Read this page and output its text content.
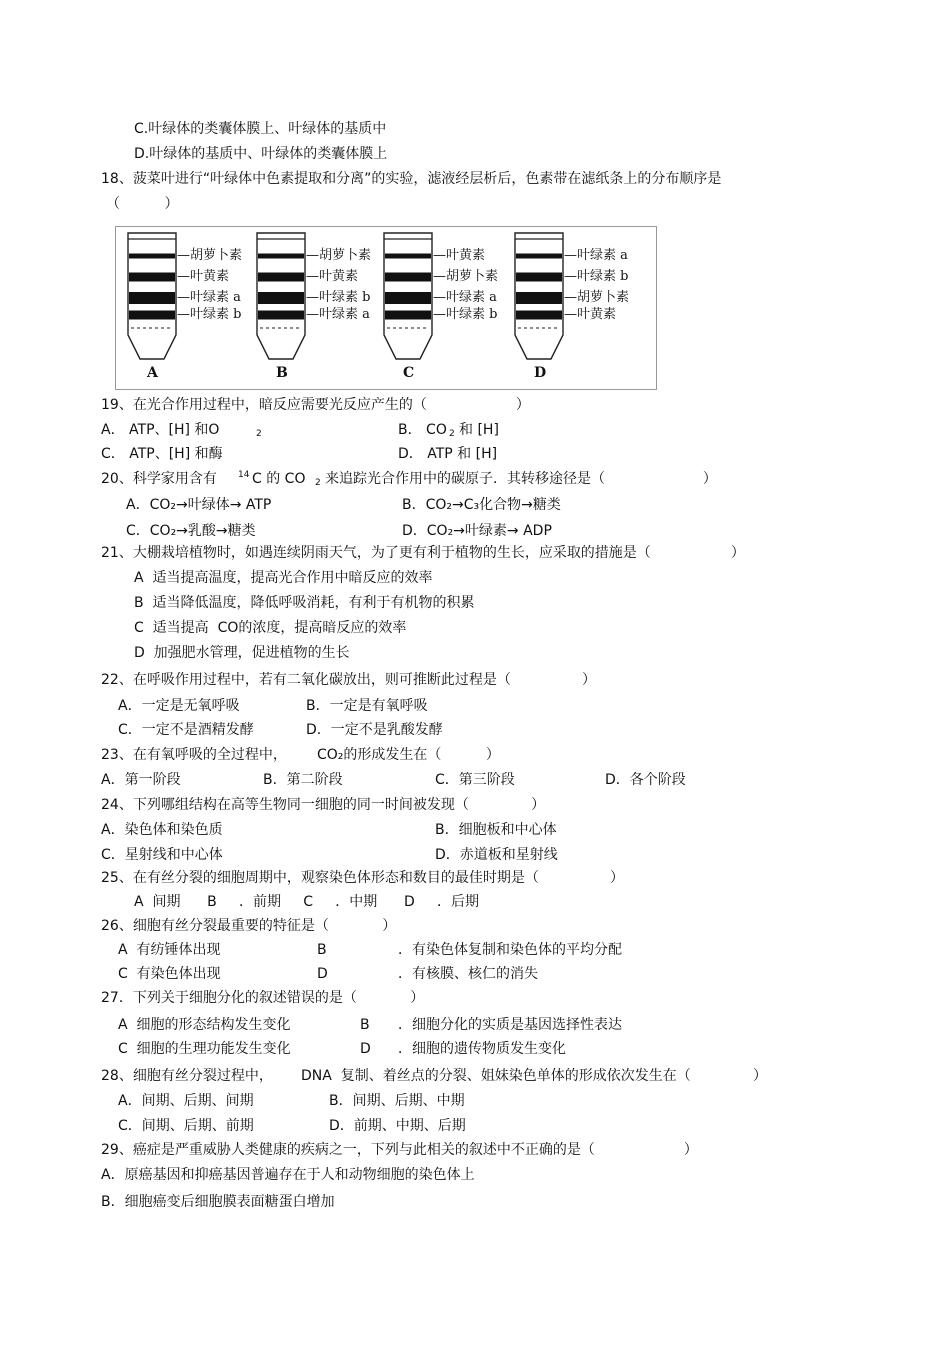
C.叶绿体的类囊体膜上、叶绿体的基质中
D.叶绿体的基质中、叶绿体的类囊体膜上
18、菠菜叶进行“叶绿体中色素提取和分离”的实验，滤液经层析后，色素带在滤纸条上的分布顺序是
（          ）
—胡萝卜素
—叶黄素
—叶绿素 a
—叶绿素 b
—胡萝卜素
—叶黄素
—叶绿素 b
—叶绿素 a
—叶黄素
—胡萝卜素
—叶绿素 a
—叶绿素 b
—叶绿素 a
—叶绿素 b
—胡萝卜素
—叶黄素
A	B	C	D
19、在光合作用过程中，暗反应需要光反应产生的（                    ）
A． ATP、[H] 和O	2	B． CO 2 和 [H]
C． ATP、[H] 和酶	D． ATP 和 [H]
20、科学家用含有 14 C 的 CO 2 来追踪光合作用中的碳原子．其转移途径是（                      ）
A．CO₂→叶绿体→ ATP	B．CO₂→C₃化合物→糖类
C．CO₂→乳酸→糖类	D．CO₂→叶绿素→ ADP
21、大棚栽培植物时，如遇连续阴雨天气，为了更有利于植物的生长，应采取的措施是（                  ）
A  适当提高温度，提高光合作用中暗反应的效率
B  适当降低温度，降低呼吸消耗，有利于有机物的积累
C  适当提高  CO的浓度，提高暗反应的效率
D  加强肥水管理，促进植物的生长
22、在呼吸作用过程中，若有二氧化碳放出，则可推断此过程是（                ）
A．一定是无氧呼吸	B．一定是有氧呼吸
C．一定不是酒精发酵	D．一定不是乳酸发酵
23、在有氧呼吸的全过程中， CO₂的形成发生在（          ）
A．第一阶段	B．第二阶段	C．第三阶段	D．各个阶段
24、下列哪组结构在高等生物同一细胞的同一时间被发现（              ）
A．染色体和染色质	B．细胞板和中心体
C．星射线和中心体	D．赤道板和星射线
25、在有丝分裂的细胞周期中，观察染色体形态和数目的最佳时期是（                ）
A  间期      B     ．前期     C     ．中期      D     ．后期
26、细胞有丝分裂最重要的特征是（            ）
A  有纺锤体出现	B	．有染色体复制和染色体的平均分配
C  有染色体出现	D	．有核膜、核仁的消失
27．下列关于细胞分化的叙述错误的是（            ）
A  细胞的形态结构发生变化	B ．细胞分化的实质是基因选择性表达
C  细胞的生理功能发生变化	D ．细胞的遗传物质发生变化
28、细胞有丝分裂过程中， DNA  复制、着丝点的分裂、姐妹染色单体的形成依次发生在（              ）
A．间期、后期、间期	B．间期、后期、中期
C．间期、后期、前期	D．前期、中期、后期
29、癌症是严重威胁人类健康的疾病之一，下列与此相关的叙述中不正确的是（                    ）
A．原癌基因和抑癌基因普遍存在于人和动物细胞的染色体上
B．细胞癌变后细胞膜表面糖蛋白增加
